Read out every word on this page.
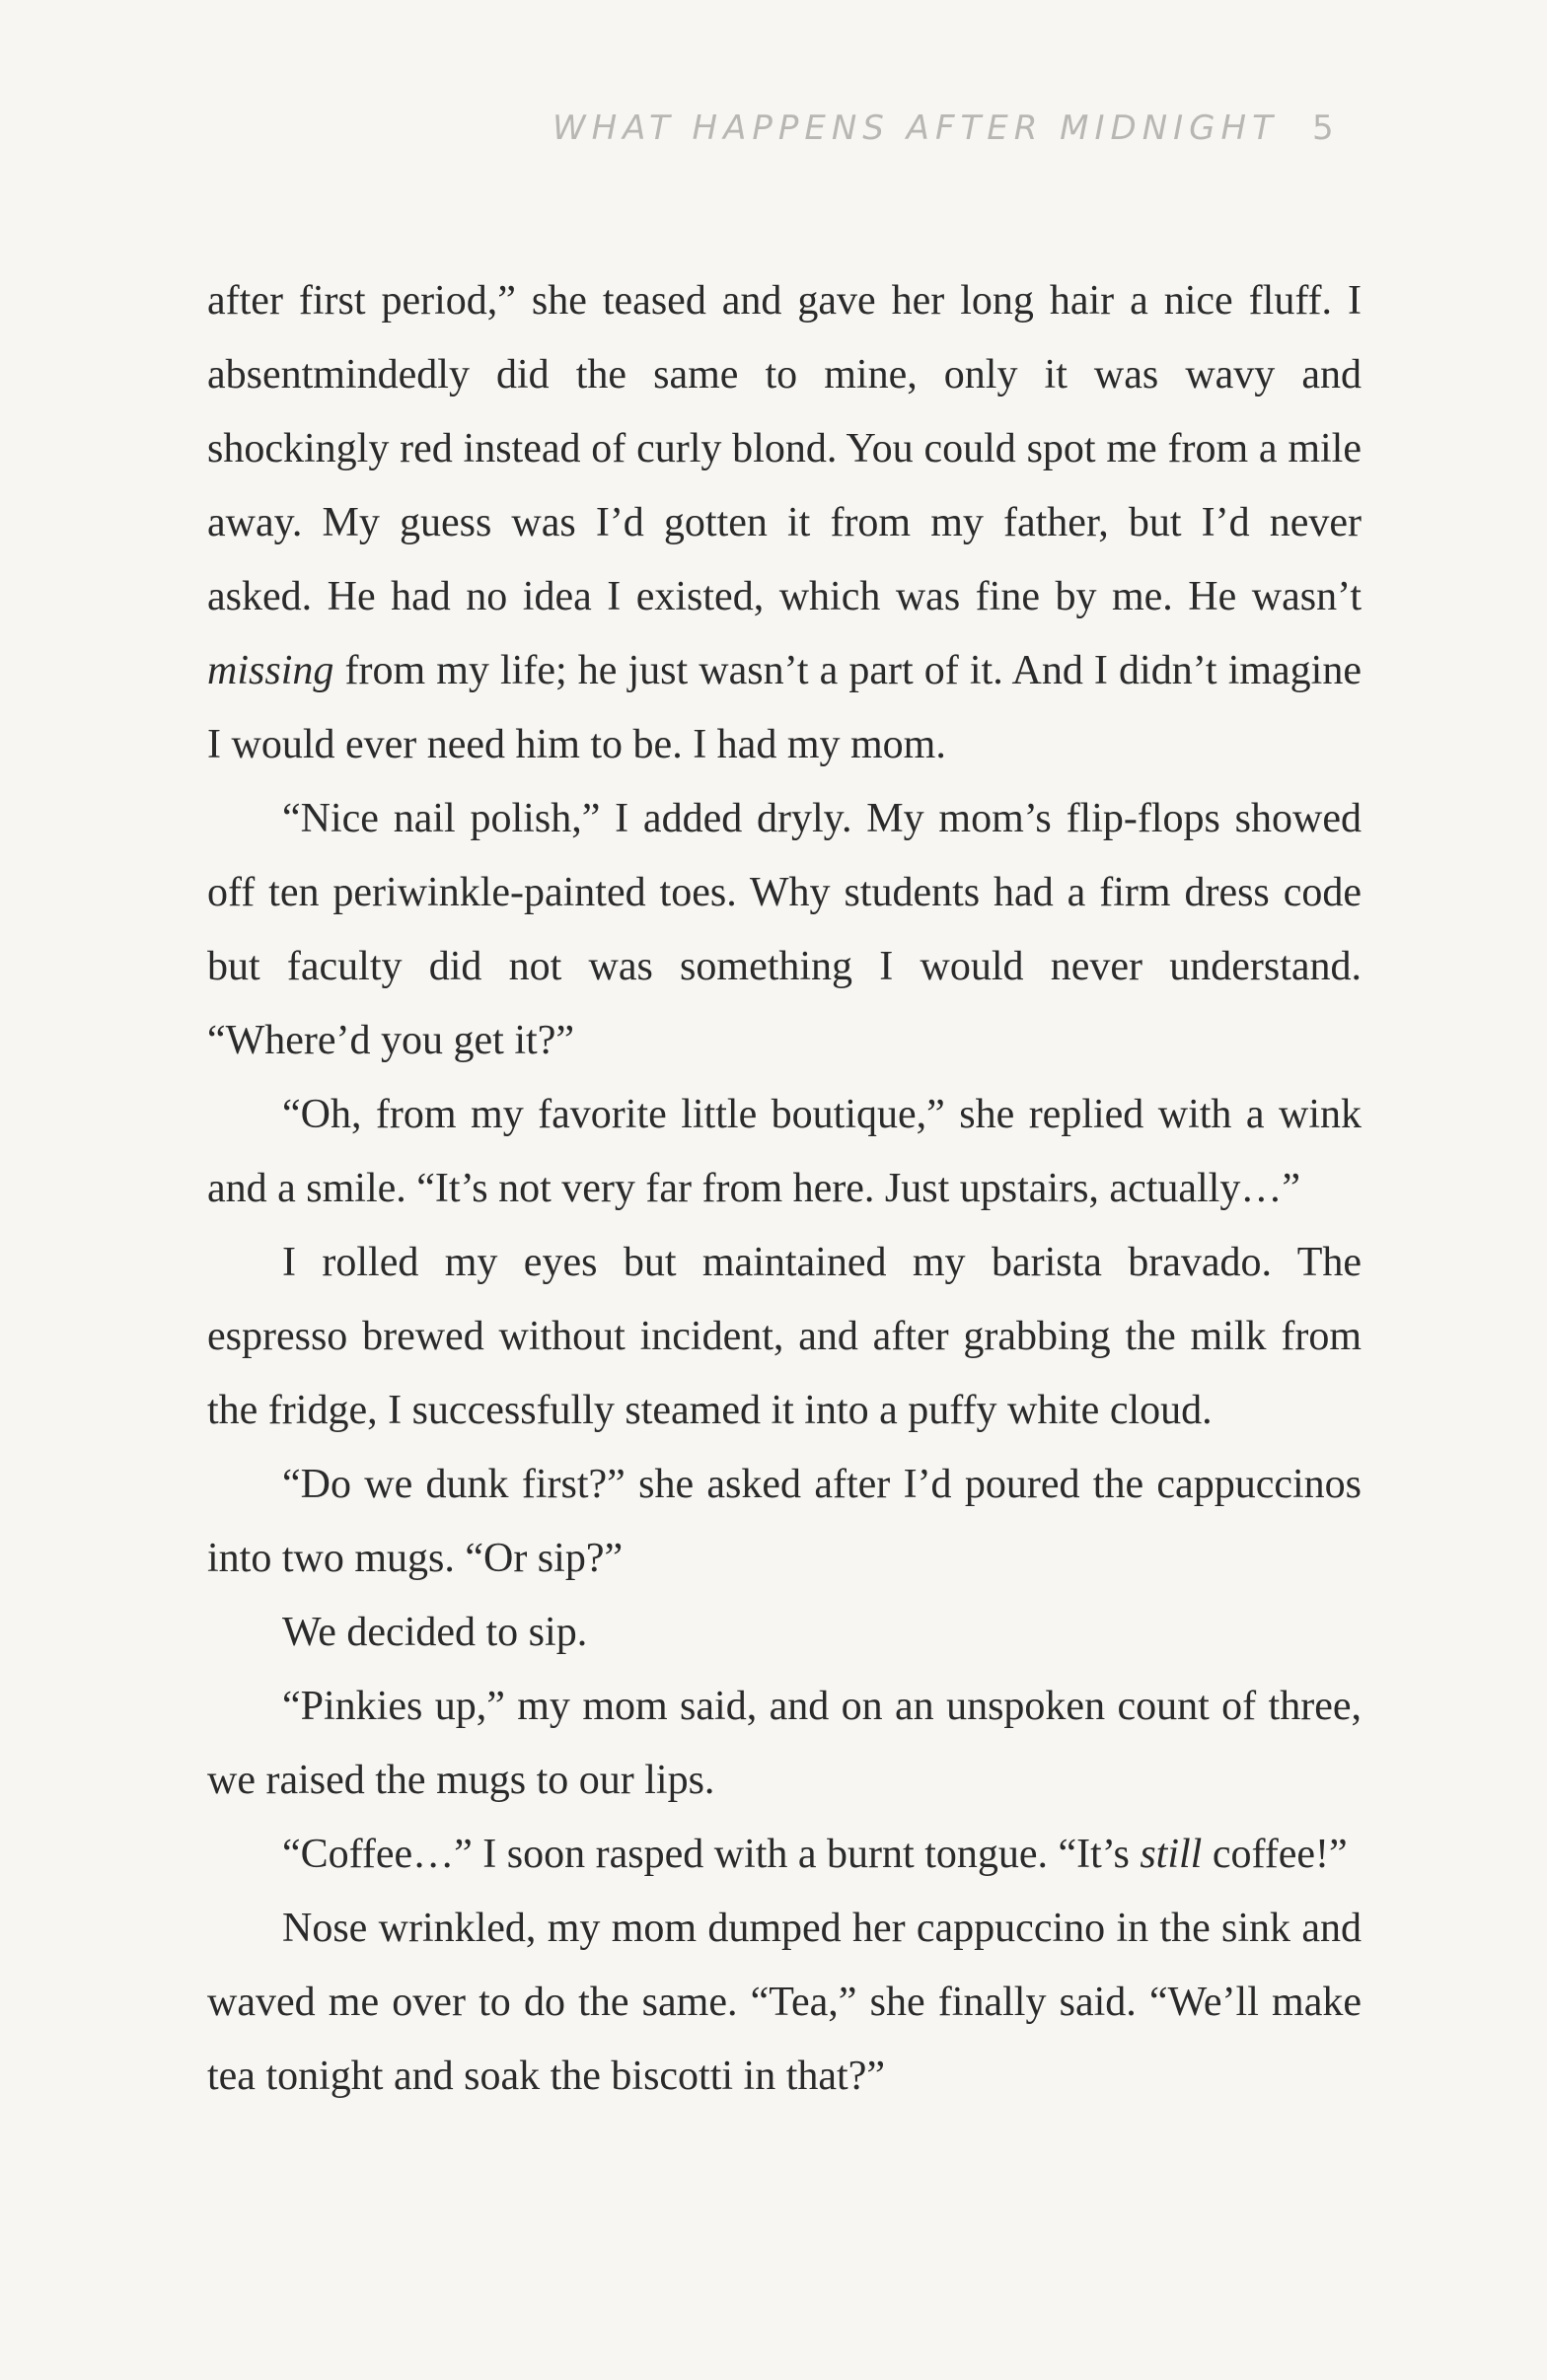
WHAT HAPPENS AFTER MIDNIGHT 5

after first period,” she teased and gave her long hair a nice fluff. I absentmindedly did the same to mine, only it was wavy and shockingly red instead of curly blond. You could spot me from a mile away. My guess was I’d gotten it from my father, but I’d never asked. He had no idea I existed, which was fine by me. He wasn’t missing from my life; he just wasn’t a part of it. And I didn’t imagine I would ever need him to be. I had my mom.

“Nice nail polish,” I added dryly. My mom’s flip-flops showed off ten periwinkle-painted toes. Why students had a firm dress code but faculty did not was something I would never understand. “Where’d you get it?”

“Oh, from my favorite little boutique,” she replied with a wink and a smile. “It’s not very far from here. Just upstairs, actually…”

I rolled my eyes but maintained my barista bravado. The espresso brewed without incident, and after grabbing the milk from the fridge, I successfully steamed it into a puffy white cloud.

“Do we dunk first?” she asked after I’d poured the cappuccinos into two mugs. “Or sip?”

We decided to sip.

“Pinkies up,” my mom said, and on an unspoken count of three, we raised the mugs to our lips.

“Coffee…” I soon rasped with a burnt tongue. “It’s still coffee!”

Nose wrinkled, my mom dumped her cappuccino in the sink and waved me over to do the same. “Tea,” she finally said. “We’ll make tea tonight and soak the biscotti in that?”
